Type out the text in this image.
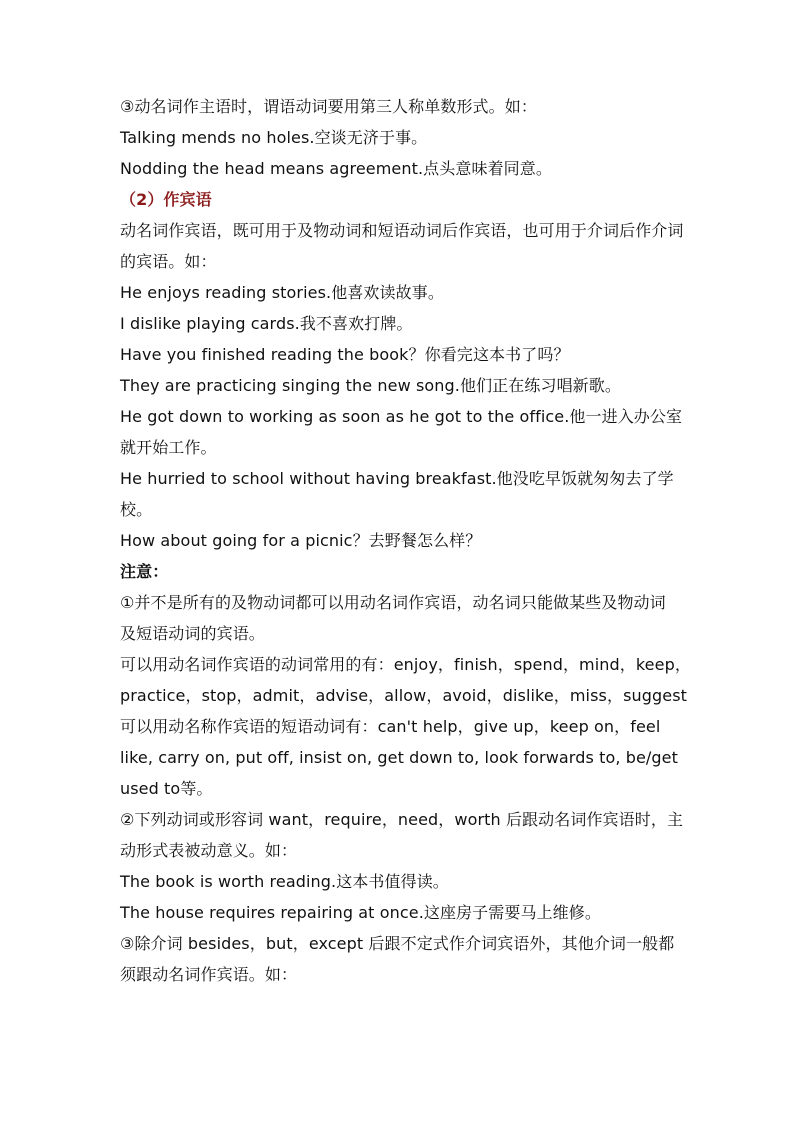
③动名词作主语时，谓语动词要用第三人称单数形式。如：
Talking mends no holes.空谈无济于事。
Nodding the head means agreement.点头意味着同意。
（2）作宾语
动名词作宾语，既可用于及物动词和短语动词后作宾语，也可用于介词后作介词
的宾语。如：
He enjoys reading stories.他喜欢读故事。
I dislike playing cards.我不喜欢打牌。
Have you finished reading the book？你看完这本书了吗？
They are practicing singing the new song.他们正在练习唱新歌。
He got down to working as soon as he got to the office.他一进入办公室
就开始工作。
He hurried to school without having breakfast.他没吃早饭就匆匆去了学
校。
How about going for a picnic？去野餐怎么样？
注意：
①并不是所有的及物动词都可以用动名词作宾语，动名词只能做某些及物动词
及短语动词的宾语。
可以用动名词作宾语的动词常用的有：enjoy，finish，spend，mind，keep，
practice，stop，admit，advise，allow，avoid，dislike，miss，suggest
可以用动名称作宾语的短语动词有：can't help，give up，keep on，feel
like, carry on, put off, insist on, get down to, look forwards to, be/get
used to等。
②下列动词或形容词 want，require，need，worth 后跟动名词作宾语时，主
动形式表被动意义。如：
The book is worth reading.这本书值得读。
The house requires repairing at once.这座房子需要马上维修。
③除介词 besides，but，except 后跟不定式作介词宾语外，其他介词一般都
须跟动名词作宾语。如：
